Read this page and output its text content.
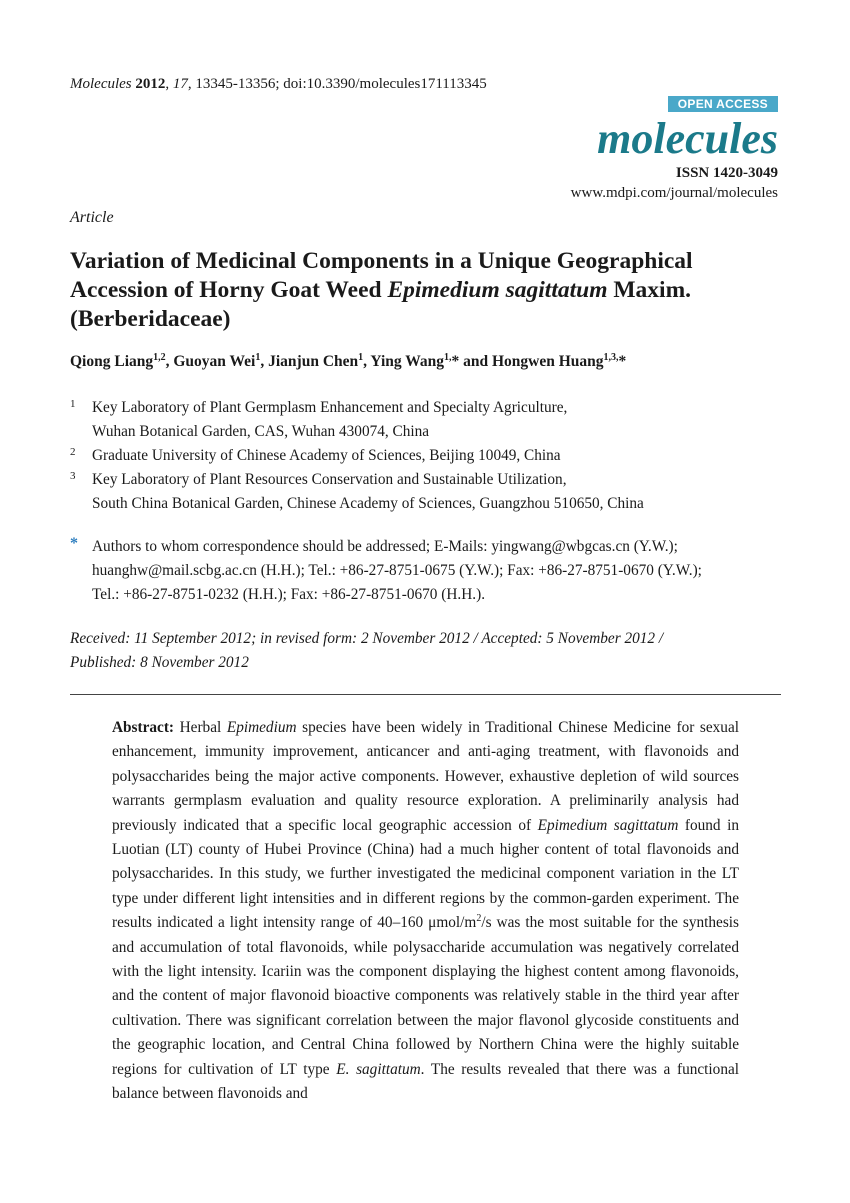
Molecules 2012, 17, 13345-13356; doi:10.3390/molecules171113345
OPEN ACCESS
molecules
ISSN 1420-3049
www.mdpi.com/journal/molecules
Article
Variation of Medicinal Components in a Unique Geographical Accession of Horny Goat Weed Epimedium sagittatum Maxim. (Berberidaceae)
Qiong Liang$^{1,2}$, Guoyan Wei$^1$, Jianjun Chen$^1$, Ying Wang$^{1,}$* and Hongwen Huang$^{1,3,}$*
1 Key Laboratory of Plant Germplasm Enhancement and Specialty Agriculture,
Wuhan Botanical Garden, CAS, Wuhan 430074, China
2 Graduate University of Chinese Academy of Sciences, Beijing 10049, China
3 Key Laboratory of Plant Resources Conservation and Sustainable Utilization,
South China Botanical Garden, Chinese Academy of Sciences, Guangzhou 510650, China
* Authors to whom correspondence should be addressed; E-Mails: yingwang@wbgcas.cn (Y.W.);
huanghw@mail.scbg.ac.cn (H.H.); Tel.: +86-27-8751-0675 (Y.W.); Fax: +86-27-8751-0670 (Y.W.);
Tel.: +86-27-8751-0232 (H.H.); Fax: +86-27-8751-0670 (H.H.).
Received: 11 September 2012; in revised form: 2 November 2012 / Accepted: 5 November 2012 /
Published: 8 November 2012
Abstract: Herbal Epimedium species have been widely in Traditional Chinese Medicine for sexual enhancement, immunity improvement, anticancer and anti-aging treatment, with flavonoids and polysaccharides being the major active components. However, exhaustive depletion of wild sources warrants germplasm evaluation and quality resource exploration. A preliminarily analysis had previously indicated that a specific local geographic accession of Epimedium sagittatum found in Luotian (LT) county of Hubei Province (China) had a much higher content of total flavonoids and polysaccharides. In this study, we further investigated the medicinal component variation in the LT type under different light intensities and in different regions by the common-garden experiment. The results indicated a light intensity range of 40–160 μmol/$m^2/s$ was the most suitable for the synthesis and accumulation of total flavonoids, while polysaccharide accumulation was negatively correlated with the light intensity. Icariin was the component displaying the highest content among flavonoids, and the content of major flavonoid bioactive components was relatively stable in the third year after cultivation. There was significant correlation between the major flavonol glycoside constituents and the geographic location, and Central China followed by Northern China were the highly suitable regions for cultivation of LT type E. sagittatum. The results revealed that there was a functional balance between flavonoids and
